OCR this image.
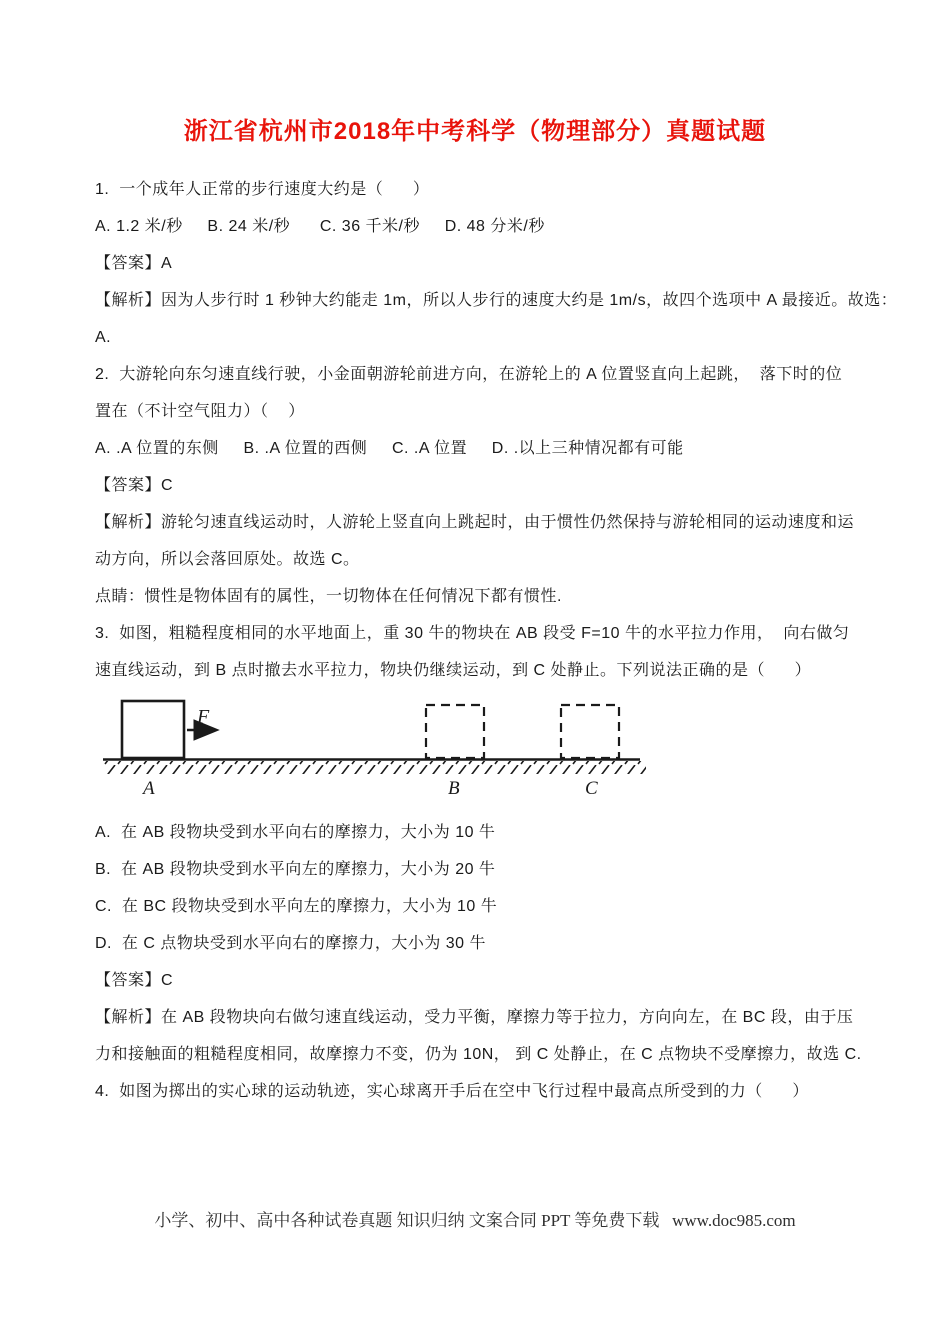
浙江省杭州市2018年中考科学（物理部分）真题试题
1.  一个成年人正常的步行速度大约是（      ）
A. 1.2 米/秒     B. 24 米/秒      C. 36 千米/秒     D. 48 分米/秒
【答案】A
【解析】因为人步行时 1 秒钟大约能走 1m，所以人步行的速度大约是 1m/s，故四个选项中 A 最接近。故选：
A.
2.  大游轮向东匀速直线行驶，小金面朝游轮前进方向，在游轮上的 A 位置竖直向上起跳，  落下时的位
置在（不计空气阻力）（    ）
A. .A 位置的东侧     B. .A 位置的西侧     C. .A 位置     D. .以上三种情况都有可能
【答案】C
【解析】游轮匀速直线运动时，人游轮上竖直向上跳起时，由于惯性仍然保持与游轮相同的运动速度和运
动方向，所以会落回原处。故选 C。
点睛：惯性是物体固有的属性，一切物体在任何情况下都有惯性.
3.  如图，粗糙程度相同的水平地面上，重 30 牛的物块在 AB 段受 F=10 牛的水平拉力作用，  向右做匀
速直线运动，到 B 点时撤去水平拉力，物块仍继续运动，到 C 处静止。下列说法正确的是（      ）
F
A	B	C
A.  在 AB 段物块受到水平向右的摩擦力，大小为 10 牛
B.  在 AB 段物块受到水平向左的摩擦力，大小为 20 牛
C.  在 BC 段物块受到水平向左的摩擦力，大小为 10 牛
D.  在 C 点物块受到水平向右的摩擦力，大小为 30 牛
【答案】C
【解析】在 AB 段物块向右做匀速直线运动，受力平衡，摩擦力等于拉力，方向向左，在 BC 段，由于压
力和接触面的粗糙程度相同，故摩擦力不变，仍为 10N， 到 C 处静止，在 C 点物块不受摩擦力，故选 C.
4.  如图为掷出的实心球的运动轨迹，实心球离开手后在空中飞行过程中最高点所受到的力（      ）
小学、初中、高中各种试卷真题 知识归纳 文案合同 PPT 等免费下载   www.doc985.com
